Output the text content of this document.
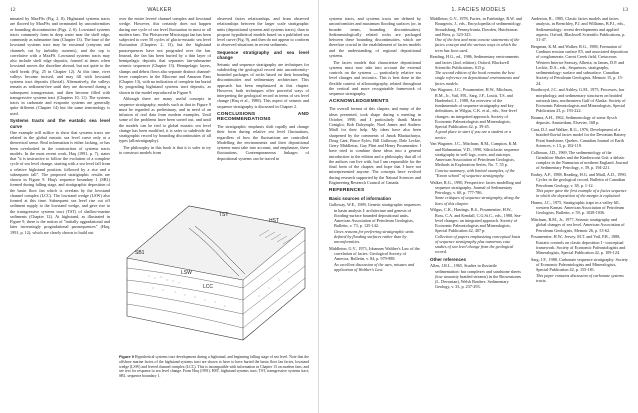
12	WALKER

minated by MaxFSs (Fig. 2, 8). Highstand systems tracts are floored by MaxFSs and terminated by unconformities or bounding discontinuities (Figs. 2, 6). Lowstand systems tracts commonly form in deep water near the shelf edge, commonly as submarine fans (Chapter 13). The base of the lowstand systems tract may be erosional (canyons and channels cut by turbidity currents), and the top is correlative with a MaxFS. Lowstand systems tracts may also include shelf edge deposits, formed at times when lowstand moves the shoreline abroad, but not quite to the shelf break (Fig. 25 in Chapter 12). At this time, river valleys become incised, and may fill with lowstand systems tract deposits (fluvial). Alternatively, the valleys remain as sediment-free until they are drowned during a subsequent transgression, and then become filled with transgressive systems tract (Chapters 10, 11). The systems tracts in carbonate and evaporite systems are generally quite different (Chapter 14) but the same terminology is used.

Systems tracts and the eustatic sea level curve

One example will suffice to show that systems tracts are related to the global eustatic sea level curve only at a theoretical sense. Real information is either lacking, or has been overlooked in the construction of systems tracts models. In the most recent work, Haq (1991, p. 7), states that "it is instructive to follow the evolution of a complete cycle of sea level change, starting with a sea level fall from a relative highstand position, followed by a rise and a subsequent fall". The proposed stratigraphic results are shown in Figure 9. Haq's sequence boundary 1 (SB1) formed during falling stage, and stratigraphic deposition of the basin floor fan which is overlain by the lowstand channel complex (LCC). The lowstand wedge (LSW) also formed at this time. Subsequent sea level rise cut off sediment supply to the lowstand wedge, and gave rise to the transgressive systems tract (TST) of shallow-marine sediments (Chapter 12). At highstand, as illustrated in Figure 9, there is the notion of "initially aggradational and later increasingly progradational parasequences" (Haq, 1991, p. 12), which are clearly shown to build out

over the entire leveed channel complex and lowstand wedge. However, this certainly does not happen during one cycle of sea level fluctuation in most or all modern fans. The Pleistocene Mississippi fan has been subjected to over 50 cycles of glacio-eustatic sea level fluctuation (Chapters 2, 13), but the highstand parasequences have not prograded over the fan. Instead, the fan has been buried by a thin layer of hemipelagic deposits that separates fan-submarine seismic sequences (Chapter 13). Hemipelagic layers, slumps and debris flows also separate distinct channel-levee complexes in the Miocene and Amazon Fans (Chapter 13), with no indication of complete fan burial by prograding highstand systems tract deposits, as shown in the model reproduced in Figure 9.

Although there are many useful concepts in sequence stratigraphy, models such as that in Figure 9 must be regarded as preliminary, and in need of an infusion of real data from modern examples. Until some of the problems have been sorted out, and until the models can be tied to global eustatic sea level change has been modified, it is safer to subdivide the stratigraphic record by bounding discontinuities of all types (allostratigraphy).

The philosophy in this book is that it is safer to try to construct models from

observed facies relationships, and from observed relationships between the larger scale stratigraphic units (depositional systems and systems tracts), than to propose hypothetical models based on a published sea level curve (Fig. 9), and then do not appear to conform to observed situations in recent sediments.

Sequence stratigraphy and sea level change

Seismic and sequence stratigraphy are techniques for subdividing the geological record into unconformity-bounded packages of rocks based on their bounding discontinuities and sedimentary architecture. This approach has been emphasized in this chapter. However, both techniques offer powerful ways of interpreting the geological record in terms of sea level change (Haq et al., 1988). This aspect of seismic and sequence stratigraphy is discussed in Chapter 2.

CONCLUSIONS AND RECOMMENDATIONS

The stratigraphic emphasis shift rapidly and change their form during relative sea level fluctuations, regardless of how the fluctuations are controlled. Modelling the environments and their depositional systems must take into account, and emphasize, these fluctuations. Contemporaneous linkages of depositional systems can be traced in

HST
TST
SB1
LSW
LCC
Figure 9 Hypothetical systems tract development during a highstand, and beginning falling stage of sea level. Note that the offshore marine facies of the highstand systems tract are shown to have to have buried the basin floor fan facies, lowstand wedge (LSW) and leveed channel complex (LCC). This is incompatible with information in Chapter 13 on modern fans, and see text for response to sea level change. From Haq (1991). HST, highstand systems tract; TST, transgressive systems tract; SB1, sequence boundary 1.
1. FACIES MODELS	13

systems tracts, and systems tracts are defined by unconformities and maximum flooding surfaces (or, in broader terms, bounding discontinuities). Sedimentologically related rocks are packaged between these bounding discontinuities, which are therefore crucial in the establishment of facies models and the understanding of regional depositional systems.

The facies models that characterize depositional systems must now take into account the external controls on the systems — particularly relative sea level changes and tectonics. This is best done in the flexible context of allostratigraphy, related throughout the vertical and more recognizable framework of sequence stratigraphy.

ACKNOWLEDGEMENTS

The overall format of this chapter, and many of the ideas presented, took shape during a meeting in October, 1990, and I particularly thank Mario Coniglio, Bob Dalrymple, Noel James and Andrew Miall for their help. My ideas have also been sharpened by the comments of Janok Bhattacharya, Doug Cant, Bruce Eyles, Bill Galloway, Dale Leckie, Gerry Middleton, Guy Plint and Henry Posamentier. I have tried to combine these ideas into a general introduction to the edition and a philosophy that all of the authors can live with, but I am responsible for the final form of the chapter, and hope that I have not misrepresented anyone. The concepts have evolved during research supported by the Natural Sciences and Engineering Research Council of Canada.

REFERENCES
Basic sources of information
Galloway, W.E., 1989, Genetic stratigraphic sequences in basin analysis I: architecture and genesis of flooding-surface bounded depositional units. American Association of Petroleum Geologists, Bulletin, v. 73, p. 125-142.
Gives reasons for preferring stratigraphic units defined by flooding surfaces rather than by unconformities.
Middleton, G.V., 1973, Johannes Walther's Law of the correlation of facies. Geological Society of America, Bulletin, v. 84, p. 979-988.
An excellent discussion of the uses, misuses and application of Walther's Law.
Middleton, G.V., 1978, Facies, in Fairbridge, R.W. and Bourgeois, J., eds., Encyclopedia of sedimentology. Stroudsburg, Pennsylvania, Dowden, Hutchinson and Ross, p. 323-325.
One of the best and most concise statements of the facies concept and the various ways in which the term has been used.
Reading, H.G., ed., 1986, Sedimentary environments and facies (2nd. edition). Oxford, Blackwell Scientific Publications, 615 p.
The second edition of the book remains the best single reference on depositional environments and facies models.
Van Wagoner, J.C., Posamentier, H.W., Mitchum, R.M., Jr., Vail, P.R., Sarg, J.F., Loutit, T.S. and Hardenbol, J., 1988, An overview of the fundamentals of sequence stratigraphy and key definitions, in Wilgus, C.K. et al., eds., Sea-level changes: an integrated approach. Society of Economic Paleontologists and Mineralogists, Special Publication 42, p. 39-45.
A good place to start if you are a student or a novice.
Van Wagoner, J.C., Mitchum, R.M., Campion, K.M. and Rahmanian, V.D., 1990, Siliciclastic sequence stratigraphy in well logs, cores, and outcrops. American Association of Petroleum Geologists, Methods in Exploration Series, No. 7, 55 p.
Concise summary, with limited examples, of the "Exxon school" of sequence stratigraphy.
Walker, R.G., 1990, Perspective: facies modelling and sequence stratigraphy. Journal of Sedimentary Petrology, v. 60, p. 777-786.
Some critiques of sequence stratigraphy, along the lines of this chapter.
Wilgus, C.K., Hastings, B.S., Posamentier, H.W., Ross, C.A. and Kendall, C.G.St.C., eds., 1988, Sea-level changes: an integrated approach. Society of Economic Paleontologists and Mineralogists, Special Publication 42, 407 p.
Collection of papers emphasizing conceptual basis of sequence stratigraphy plus numerous case studies of sea level change from the geological record.
Other references
Allen, J.R.L., 1965, Studies in fluviatile sedimentation: bar complexes and sandstone sheets (low sinuosity braided streams) in the Brownstones (L. Devonian), Welsh Borders. Sedimentary Geology, v. 33, p. 237-293.
Anderton, R., 1985, Clastic facies models and facies analysis, in Brenchley, P.J. and Williams, B.P.J., eds., Sedimentology: recent developments and applied aspects. Oxford, Blackwell Scientific Publications, p. 31-47.
Bergman, K.M. and Walker, R.G., 1988, Formation of Cardium erosion surface E5, and associated deposition of conglomerate, Carrot Creek field, Cretaceous Western Interior Seaway, Alberta, in James, D.P. and Leckie, D.A., eds., Sequences, stratigraphy, sedimentology: surface and subsurface. Canadian Society of Petroleum Geologists, Memoir 15, p. 15-24.
Boothroyd, J.C. and Ashley, G.M., 1975, Processes, bar morphology, and sedimentary structures on braided outwash fans, northeastern Gulf of Alaska. Society of Economic Paleontologists and Mineralogists, Special Publication 23, p. 193-222.
Bouma, A.H., 1962, Sedimentology of some flysch deposits. Amsterdam, Elsevier, 168 p.
Cant, D.J. and Walker, R.G., 1976, Development of a braided-fluvial facies model for the Devonian Battery Point Sandstone, Quebec. Canadian Journal of Earth Sciences, v. 13, p. 102-119.
Collinson, J.D., 1969, The sedimentology of the Grindslow Shales and the Kinderscout Grit: a deltaic complex in the Namurian of northern England. Journal of Sedimentary Petrology, v. 39, p. 194-221.
Embry, A.F., 1988, Reading, H.G. and Miall, A.D., 1990, Cycles in the geological record. Bulletin of Canadian Petroleum Geology, v. 38, p. 1-12.
This paper gave the first example of a facies sequence in which the deposition of the margin is explained.
Harms, J.C., 1975, Stratigraphic traps in a valley fill, western Kansas. American Association of Petroleum Geologists, Bulletin, v. 59, p. 1028-1036.
Mitchum, R.M., Jr., 1977, Seismic stratigraphy and global changes of sea level. American Association of Petroleum Geologists, Memoir 26, p. 53-62.
Posamentier, H.W., Jervey, M.T. and Vail, P.R., 1988, Eustatic controls on clastic deposition I - conceptual framework. Society of Economic Paleontologists and Mineralogists, Special Publication 42, p. 109-124.
Sarg, J.F., 1988, Carbonate sequence stratigraphy. Society of Economic Paleontologists and Mineralogists, Special Publication 42, p. 155-181.
This paper contains discussion of carbonate systems tracts.
